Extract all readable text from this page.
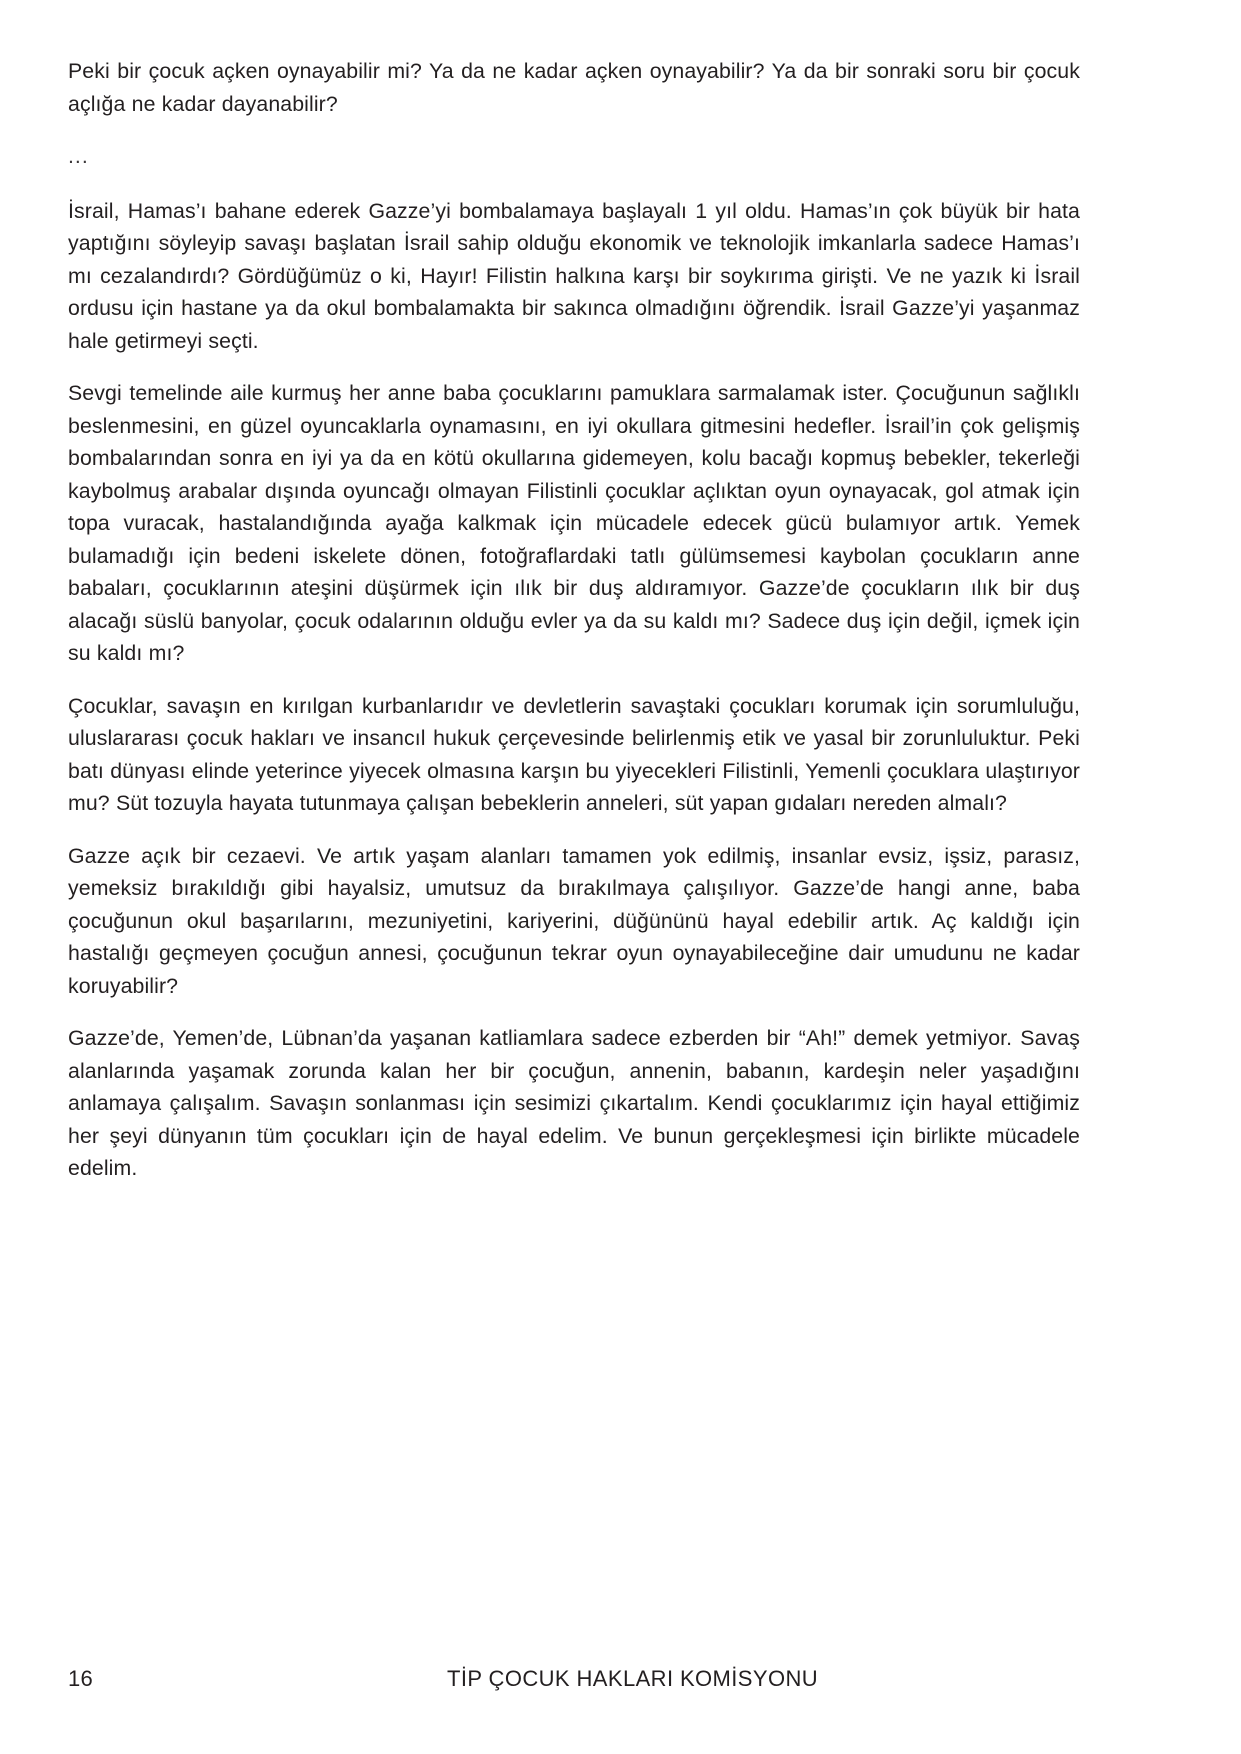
Peki bir çocuk açken oynayabilir mi? Ya da ne kadar açken oynayabilir? Ya da bir sonraki soru bir çocuk açlığa ne kadar dayanabilir?

...

İsrail, Hamas’ı bahane ederek Gazze’yi bombalamaya başlayalı 1 yıl oldu. Hamas’ın çok büyük bir hata yaptığını söyleyip savaşı başlatan İsrail sahip olduğu ekonomik ve teknolojik imkanlarla sadece Hamas’ı mı cezalandırdı? Gördüğümüz o ki, Hayır! Filistin halkına karşı bir soykırıma girişti. Ve ne yazık ki İsrail ordusu için hastane ya da okul bombalamakta bir sakınca olmadığını öğrendik. İsrail Gazze’yi yaşanmaz hale getirmeyi seçti.

Sevgi temelinde aile kurmuş her anne baba çocuklarını pamuklara sarmalamak ister. Çocuğunun sağlıklı beslenmesini, en güzel oyuncaklarla oynamasını, en iyi okullara gitmesini hedefler. İsrail’in çok gelişmiş bombalarından sonra en iyi ya da en kötü okullarına gidemeyen, kolu bacağı kopmuş bebekler, tekerleği kaybolmuş arabalar dışında oyuncağı olmayan Filistinli çocuklar açlıktan oyun oynayacak, gol atmak için topa vuracak, hastalandığında ayağa kalkmak için mücadele edecek gücü bulamıyor artık. Yemek bulamadığı için bedeni iskelete dönen, fotoğraflardaki tatlı gülümsemesi kaybolan çocukların anne babaları, çocuklarının ateşini düşürmek için ılık bir duş aldıramıyor. Gazze’de çocukların ılık bir duş alacağı süslü banyolar, çocuk odalarının olduğu evler ya da su kaldı mı? Sadece duş için değil, içmek için su kaldı mı?

Çocuklar, savaşın en kırılgan kurbanlarıdır ve devletlerin savaştaki çocukları korumak için sorumluluğu, uluslararası çocuk hakları ve insancıl hukuk çerçevesinde belirlenmiş etik ve yasal bir zorunluluktur. Peki batı dünyası elinde yeterince yiyecek olmasına karşın bu yiyecekleri Filistinli, Yemenli çocuklara ulaştırıyor mu? Süt tozuyla hayata tutunmaya çalışan bebeklerin anneleri, süt yapan gıdaları nereden almalı?

Gazze açık bir cezaevi. Ve artık yaşam alanları tamamen yok edilmiş, insanlar evsiz, işsiz, parasız, yemeksiz bırakıldığı gibi hayalsiz, umutsuz da bırakılmaya çalışılıyor. Gazze’de hangi anne, baba çocuğunun okul başarılarını, mezuniyetini, kariyerini, düğününü hayal edebilir artık. Aç kaldığı için hastalığı geçmeyen çocuğun annesi, çocuğunun tekrar oyun oynayabileceğine dair umudunu ne kadar koruyabilir?

Gazze’de, Yemen’de, Lübnan’da yaşanan katliamlara sadece ezberden bir “Ah!” demek yetmiyor. Savaş alanlarında yaşamak zorunda kalan her bir çocuğun, annenin, babanın, kardeşin neler yaşadığını anlamaya çalışalım. Savaşın sonlanması için sesimizi çıkartalım. Kendi çocuklarımız için hayal ettiğimiz her şeyi dünyanın tüm çocukları için de hayal edelim. Ve bunun gerçekleşmesi için birlikte mücadele edelim.

16	TİP ÇOCUK HAKLARI KOMİSYONU
